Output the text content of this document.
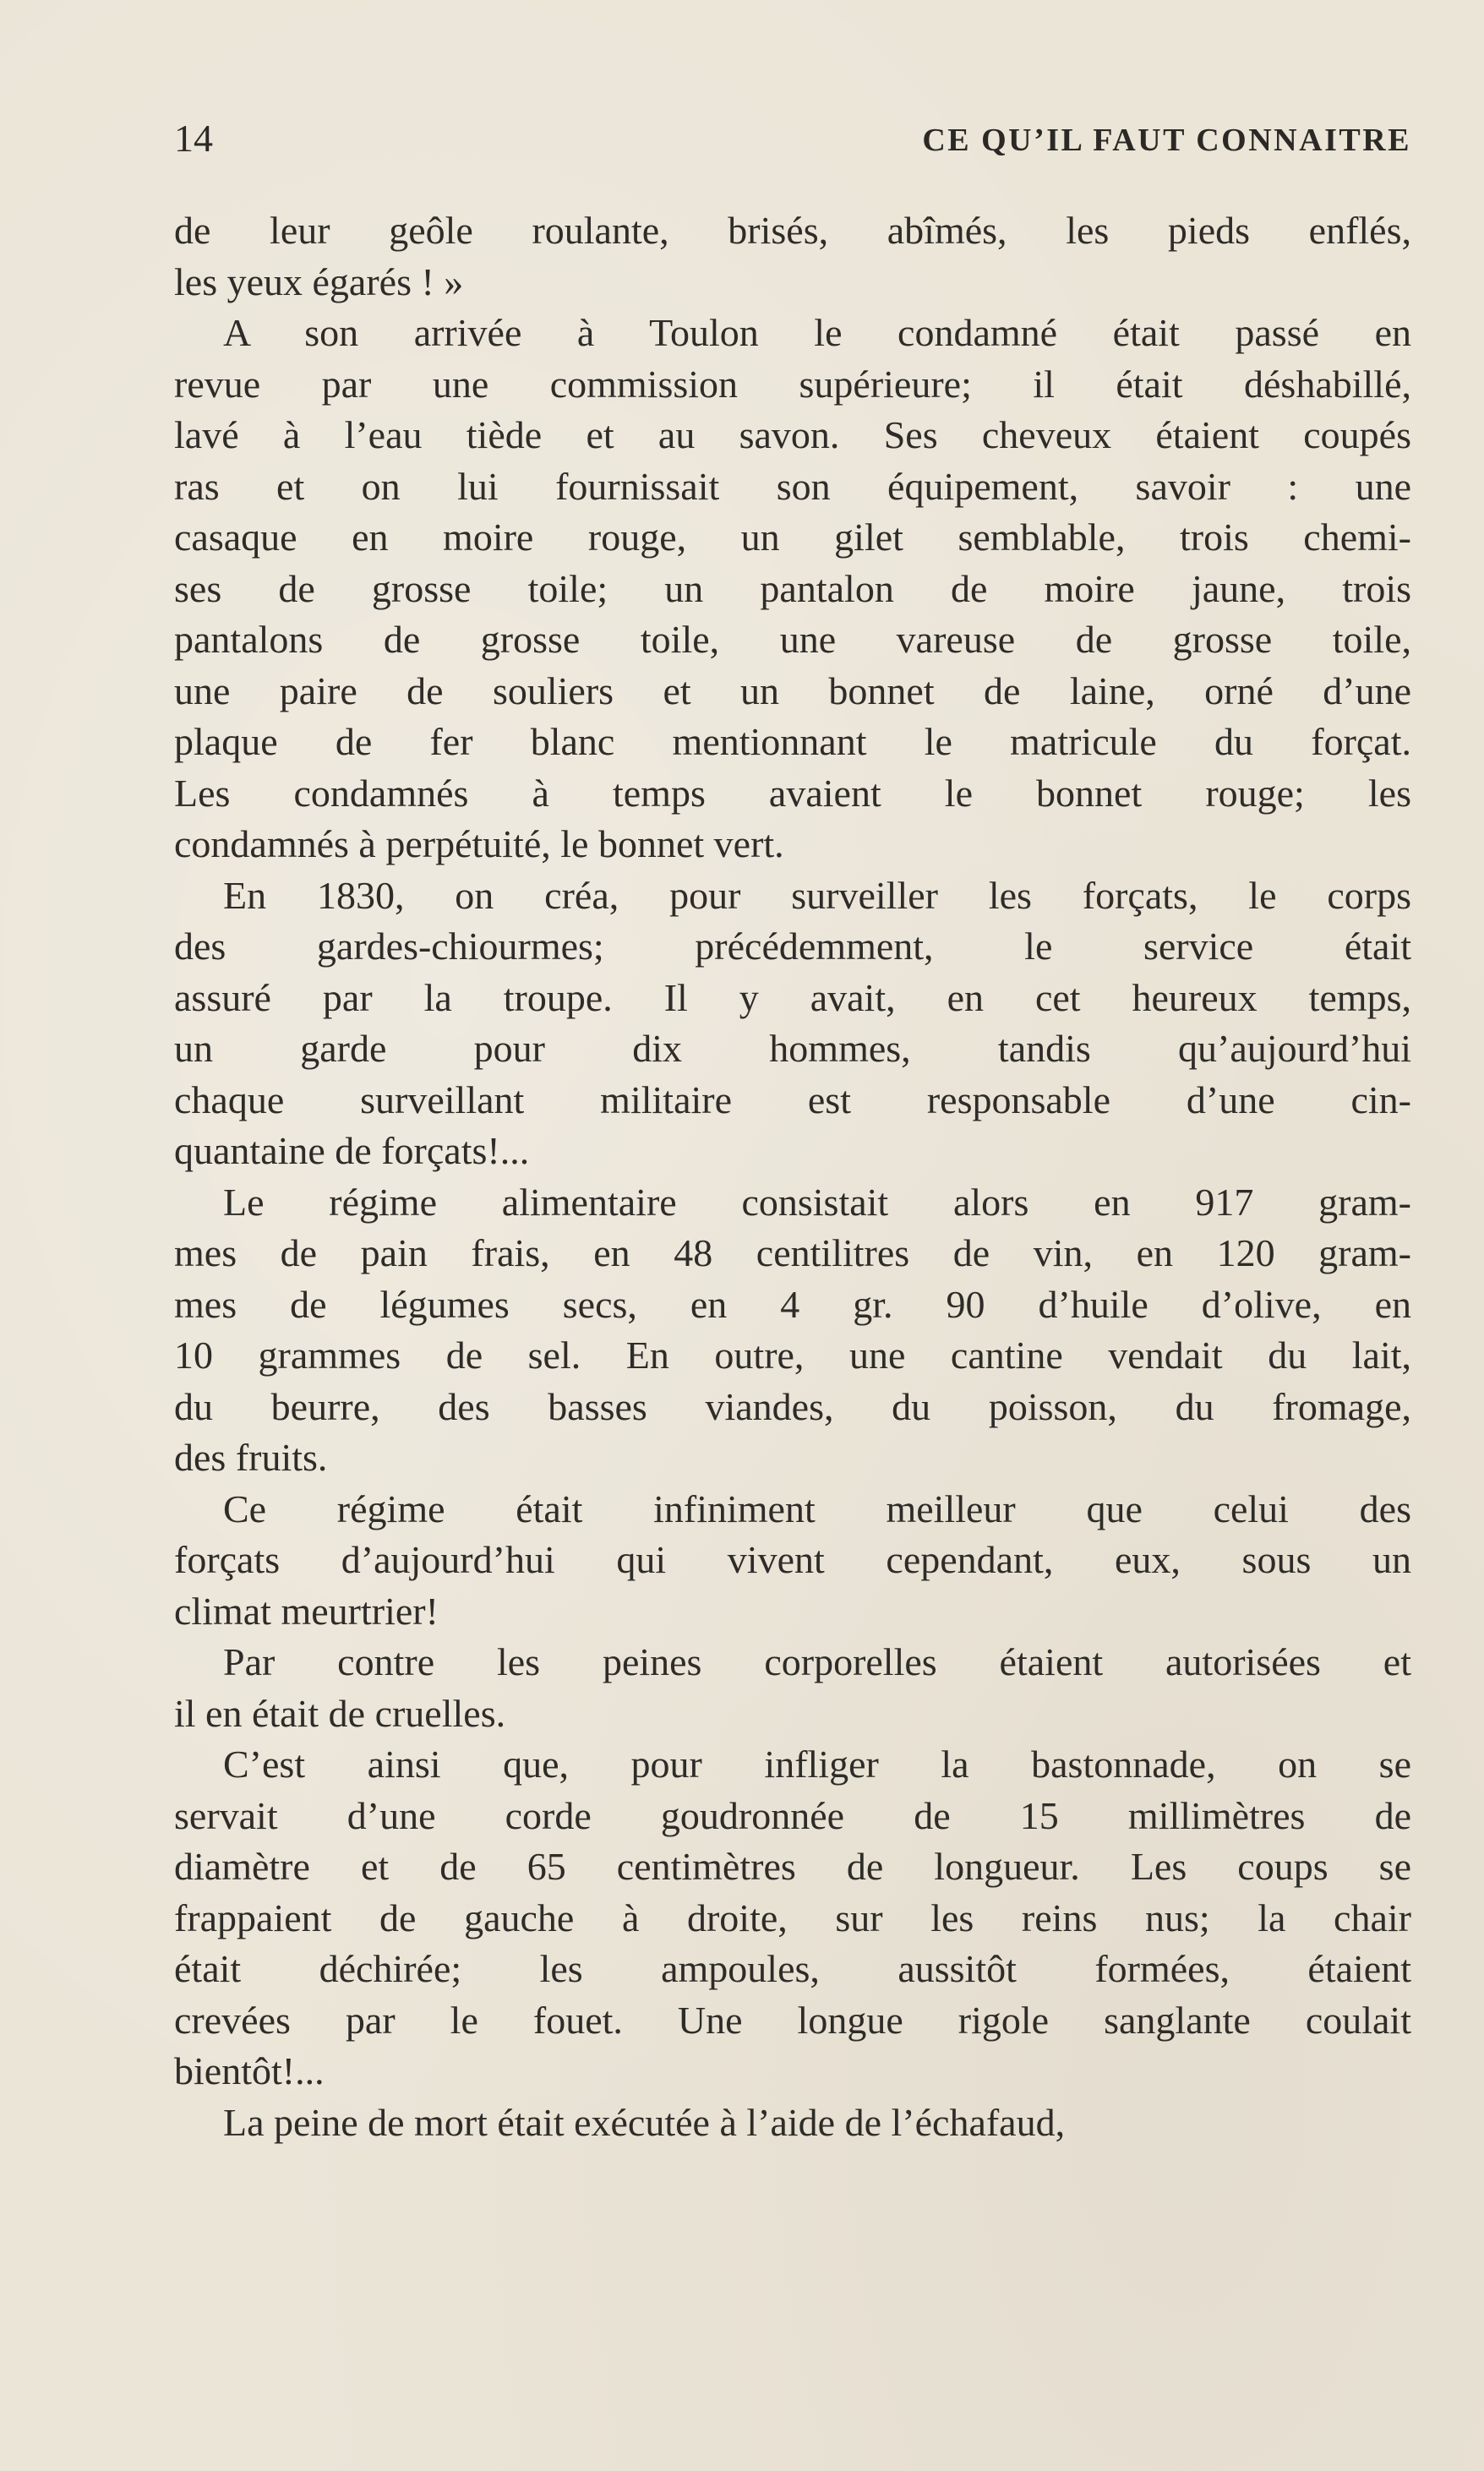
14	CE QU’IL FAUT CONNAITRE
de leur geôle roulante, brisés, abîmés, les pieds enflés,
les yeux égarés ! »
A son arrivée à Toulon le condamné était passé en
revue par une commission supérieure; il était déshabillé,
lavé à l’eau tiède et au savon. Ses cheveux étaient coupés
ras et on lui fournissait son équipement, savoir : une
casaque en moire rouge, un gilet semblable, trois chemi-
ses de grosse toile; un pantalon de moire jaune, trois
pantalons de grosse toile, une vareuse de grosse toile,
une paire de souliers et un bonnet de laine, orné d’une
plaque de fer blanc mentionnant le matricule du forçat.
Les condamnés à temps avaient le bonnet rouge; les
condamnés à perpétuité, le bonnet vert.
En 1830, on créa, pour surveiller les forçats, le corps
des gardes-chiourmes; précédemment, le service était
assuré par la troupe. Il y avait, en cet heureux temps,
un garde pour dix hommes, tandis qu’aujourd’hui
chaque surveillant militaire est responsable d’une cin-
quantaine de forçats!...
Le régime alimentaire consistait alors en 917 gram-
mes de pain frais, en 48 centilitres de vin, en 120 gram-
mes de légumes secs, en 4 gr. 90 d’huile d’olive, en
10 grammes de sel. En outre, une cantine vendait du lait,
du beurre, des basses viandes, du poisson, du fromage,
des fruits.
Ce régime était infiniment meilleur que celui des
forçats d’aujourd’hui qui vivent cependant, eux, sous un
climat meurtrier!
Par contre les peines corporelles étaient autorisées et
il en était de cruelles.
C’est ainsi que, pour infliger la bastonnade, on se
servait d’une corde goudronnée de 15 millimètres de
diamètre et de 65 centimètres de longueur. Les coups se
frappaient de gauche à droite, sur les reins nus; la chair
était déchirée; les ampoules, aussitôt formées, étaient
crevées par le fouet. Une longue rigole sanglante coulait
bientôt!...
La peine de mort était exécutée à l’aide de l’échafaud,
